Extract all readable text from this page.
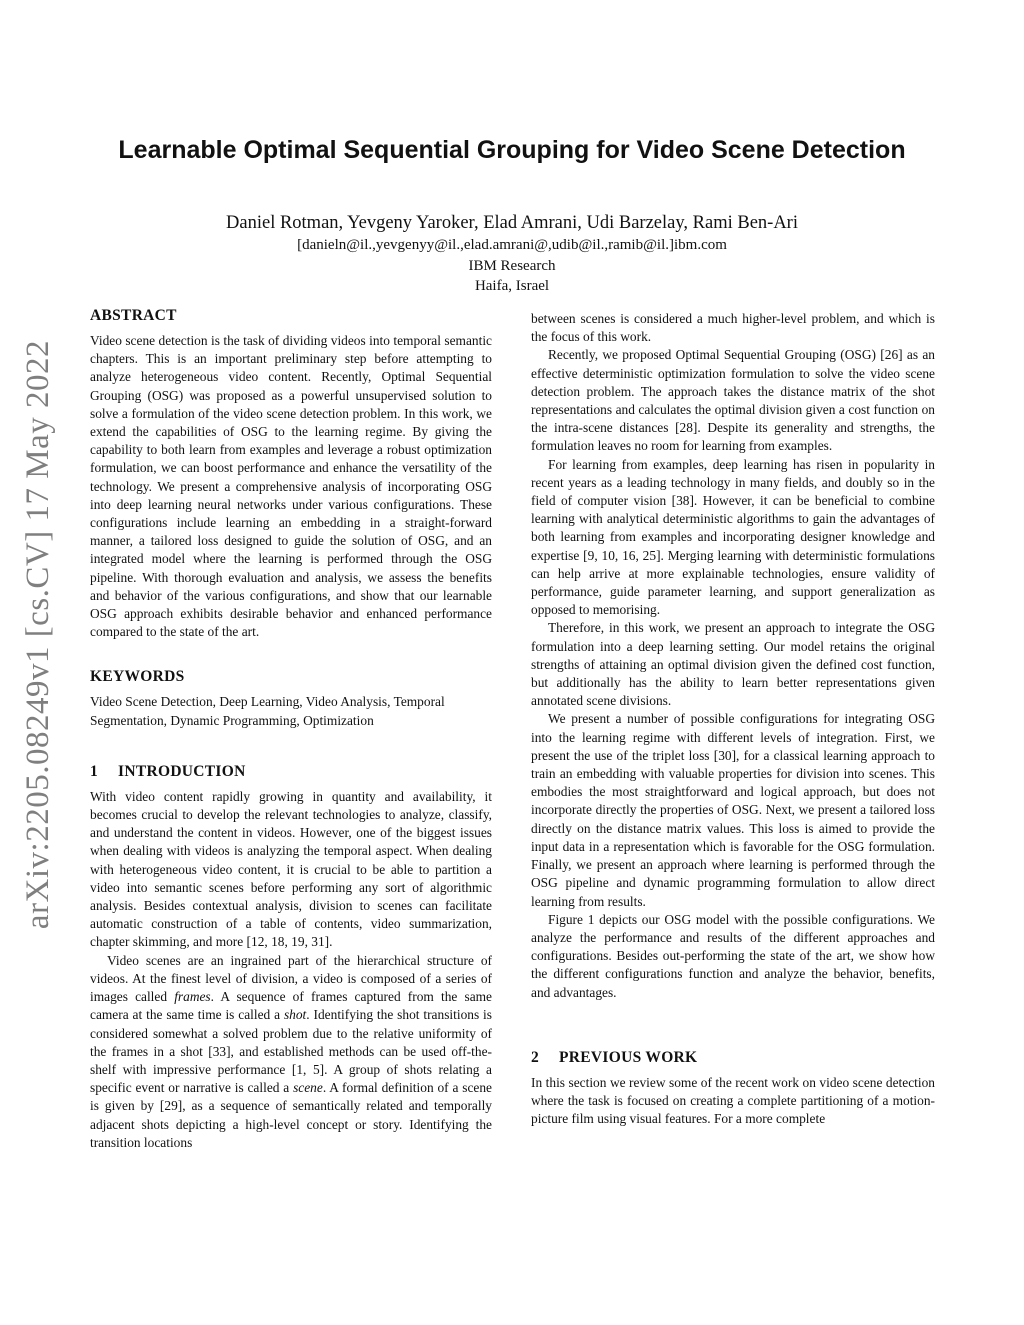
arXiv:2205.08249v1 [cs.CV] 17 May 2022
Learnable Optimal Sequential Grouping for Video Scene Detection
Daniel Rotman, Yevgeny Yaroker, Elad Amrani, Udi Barzelay, Rami Ben-Ari
[danieln@il.,yevgenyy@il.,elad.amrani@,udib@il.,ramib@il.]ibm.com
IBM Research
Haifa, Israel
ABSTRACT

Video scene detection is the task of dividing videos into temporal semantic chapters. This is an important preliminary step before attempting to analyze heterogeneous video content. Recently, Optimal Sequential Grouping (OSG) was proposed as a powerful unsupervised solution to solve a formulation of the video scene detection problem. In this work, we extend the capabilities of OSG to the learning regime. By giving the capability to both learn from examples and leverage a robust optimization formulation, we can boost performance and enhance the versatility of the technology. We present a comprehensive analysis of incorporating OSG into deep learning neural networks under various configurations. These configurations include learning an embedding in a straight-forward manner, a tailored loss designed to guide the solution of OSG, and an integrated model where the learning is performed through the OSG pipeline. With thorough evaluation and analysis, we assess the benefits and behavior of the various configurations, and show that our learnable OSG approach exhibits desirable behavior and enhanced performance compared to the state of the art.

KEYWORDS

Video Scene Detection, Deep Learning, Video Analysis, Temporal Segmentation, Dynamic Programming, Optimization

1 INTRODUCTION

With video content rapidly growing in quantity and availability, it becomes crucial to develop the relevant technologies to analyze, classify, and understand the content in videos. However, one of the biggest issues when dealing with videos is analyzing the temporal aspect. When dealing with heterogeneous video content, it is crucial to be able to partition a video into semantic scenes before performing any sort of algorithmic analysis. Besides contextual analysis, division to scenes can facilitate automatic construction of a table of contents, video summarization, chapter skimming, and more [12, 18, 19, 31].

Video scenes are an ingrained part of the hierarchical structure of videos. At the finest level of division, a video is composed of a series of images called frames. A sequence of frames captured from the same camera at the same time is called a shot. Identifying the shot transitions is considered somewhat a solved problem due to the relative uniformity of the frames in a shot [33], and established methods can be used off-the-shelf with impressive performance [1, 5]. A group of shots relating a specific event or narrative is called a scene. A formal definition of a scene is given by [29], as a sequence of semantically related and temporally adjacent shots depicting a high-level concept or story. Identifying the transition locations

between scenes is considered a much higher-level problem, and which is the focus of this work.

Recently, we proposed Optimal Sequential Grouping (OSG) [26] as an effective deterministic optimization formulation to solve the video scene detection problem. The approach takes the distance matrix of the shot representations and calculates the optimal division given a cost function on the intra-scene distances [28]. Despite its generality and strengths, the formulation leaves no room for learning from examples.

For learning from examples, deep learning has risen in popularity in recent years as a leading technology in many fields, and doubly so in the field of computer vision [38]. However, it can be beneficial to combine learning with analytical deterministic algorithms to gain the advantages of both learning from examples and incorporating designer knowledge and expertise [9, 10, 16, 25]. Merging learning with deterministic formulations can help arrive at more explainable technologies, ensure validity of performance, guide parameter learning, and support generalization as opposed to memorising.

Therefore, in this work, we present an approach to integrate the OSG formulation into a deep learning setting. Our model retains the original strengths of attaining an optimal division given the defined cost function, but additionally has the ability to learn better representations given annotated scene divisions.

We present a number of possible configurations for integrating OSG into the learning regime with different levels of integration. First, we present the use of the triplet loss [30], for a classical learning approach to train an embedding with valuable properties for division into scenes. This embodies the most straightforward and logical approach, but does not incorporate directly the properties of OSG. Next, we present a tailored loss directly on the distance matrix values. This loss is aimed to provide the input data in a representation which is favorable for the OSG formulation. Finally, we present an approach where learning is performed through the OSG pipeline and dynamic programming formulation to allow direct learning from results.

Figure 1 depicts our OSG model with the possible configurations. We analyze the performance and results of the different approaches and configurations. Besides out-performing the state of the art, we show how the different configurations function and analyze the behavior, benefits, and advantages.

2 PREVIOUS WORK

In this section we review some of the recent work on video scene detection where the task is focused on creating a complete partitioning of a motion-picture film using visual features. For a more complete
